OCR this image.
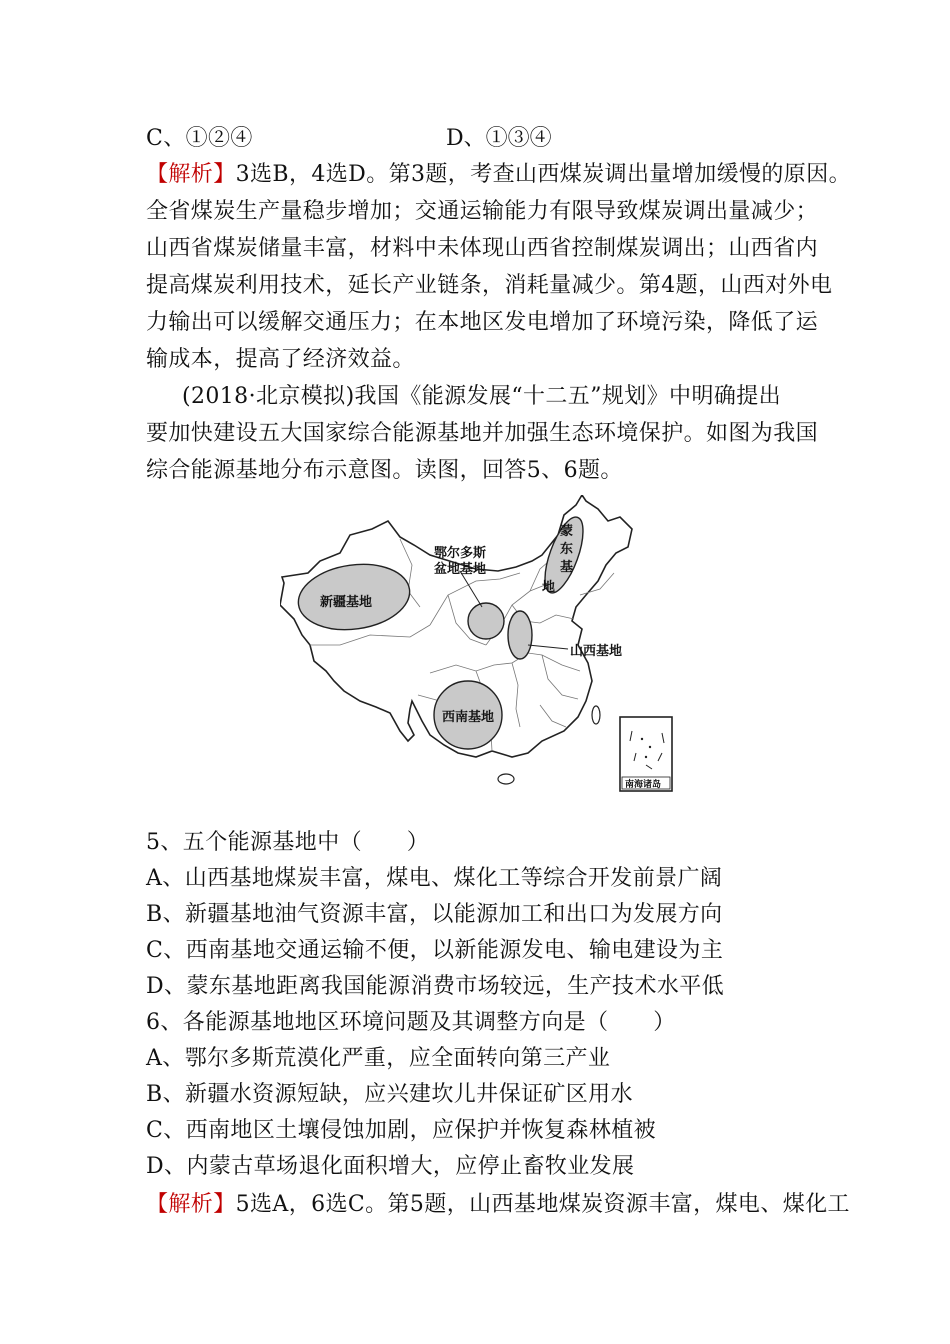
C、①②④	D、①③④
【解析】3选B，4选D。第3题，考查山西煤炭调出量增加缓慢的原因。
全省煤炭生产量稳步增加；交通运输能力有限导致煤炭调出量减少；
山西省煤炭储量丰富，材料中未体现山西省控制煤炭调出；山西省内
提高煤炭利用技术，延长产业链条，消耗量减少。第4题，山西对外电
力输出可以缓解交通压力；在本地区发电增加了环境污染，降低了运
输成本，提高了经济效益。
(2018·北京模拟)我国《能源发展“十二五”规划》中明确提出
要加快建设五大国家综合能源基地并加强生态环境保护。如图为我国
综合能源基地分布示意图。读图，回答5、6题。
新疆基地
鄂尔多斯
盆地基地
蒙
东
基
地
山西基地
西南基地
南海诸岛
5、五个能源基地中（　　）
A、山西基地煤炭丰富，煤电、煤化工等综合开发前景广阔
B、新疆基地油气资源丰富，以能源加工和出口为发展方向
C、西南基地交通运输不便，以新能源发电、输电建设为主
D、蒙东基地距离我国能源消费市场较远，生产技术水平低
6、各能源基地地区环境问题及其调整方向是（　　）
A、鄂尔多斯荒漠化严重，应全面转向第三产业
B、新疆水资源短缺，应兴建坎儿井保证矿区用水
C、西南地区土壤侵蚀加剧，应保护并恢复森林植被
D、内蒙古草场退化面积增大，应停止畜牧业发展
【解析】5选A，6选C。第5题，山西基地煤炭资源丰富，煤电、煤化工
